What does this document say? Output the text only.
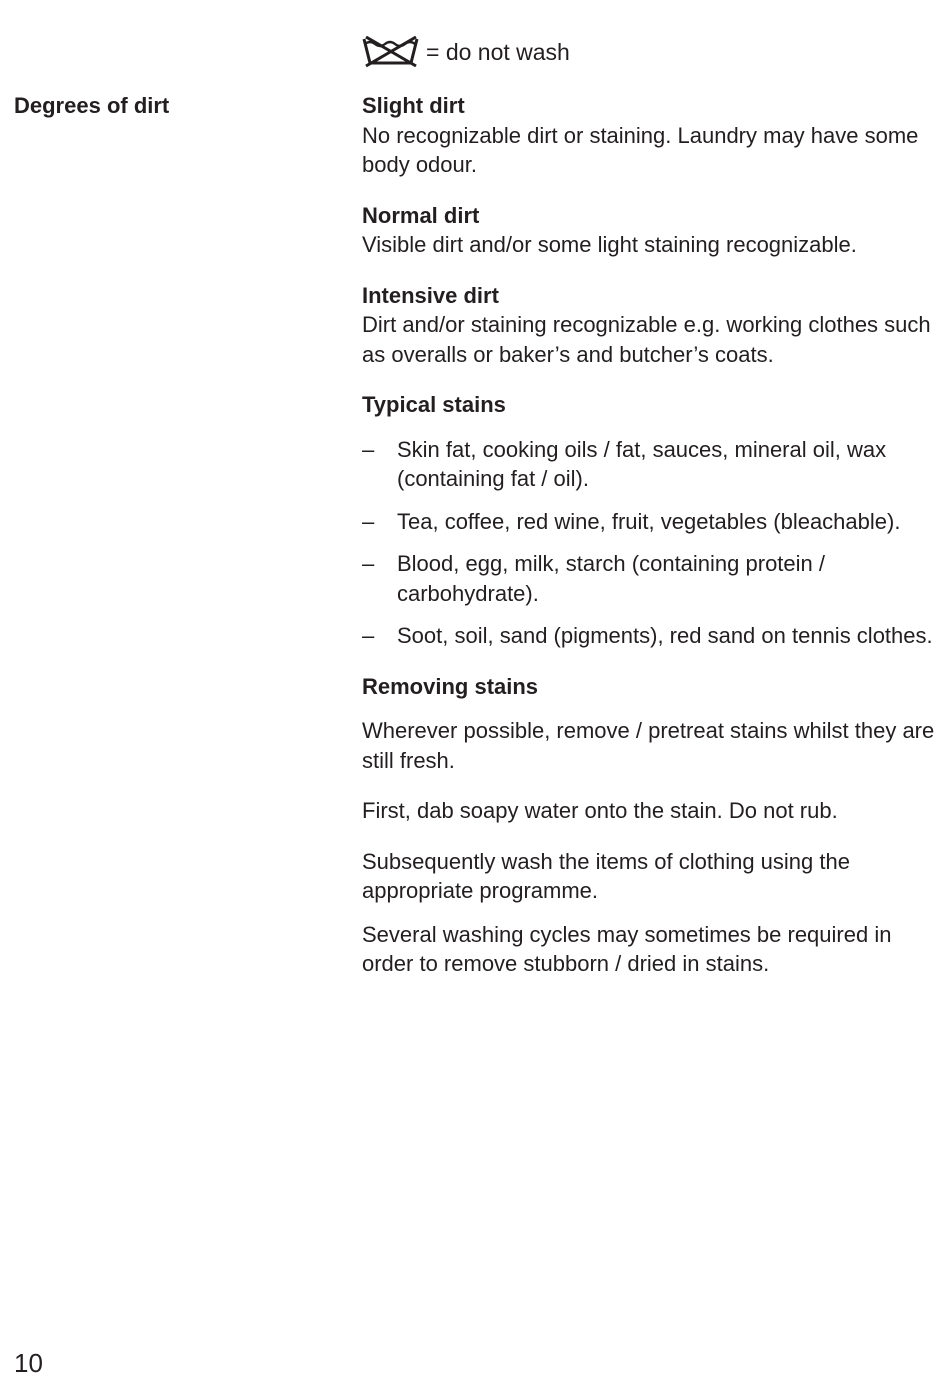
= do not wash
Degrees of dirt	Slight dirt

No recognizable dirt or staining. Laundry may have some body odour.

Normal dirt

Visible dirt and/or some light staining recognizable.

Intensive dirt

Dirt and/or staining recognizable e.g. working clothes such as overalls or baker’s and butcher’s coats.

Typical stains
– Skin fat, cooking oils / fat, sauces, mineral oil, wax (containing fat / oil).
– Tea, coffee, red wine, fruit, vegetables (bleachable).
– Blood, egg, milk, starch (containing protein / carbohydrate).
– Soot, soil, sand (pigments), red sand on tennis clothes.
Removing stains

Wherever possible, remove / pretreat stains whilst they are still fresh.

First, dab soapy water onto the stain. Do not rub.

Subsequently wash the items of clothing using the appropriate programme.

Several washing cycles may sometimes be required in order to remove stubborn / dried in stains.

10
